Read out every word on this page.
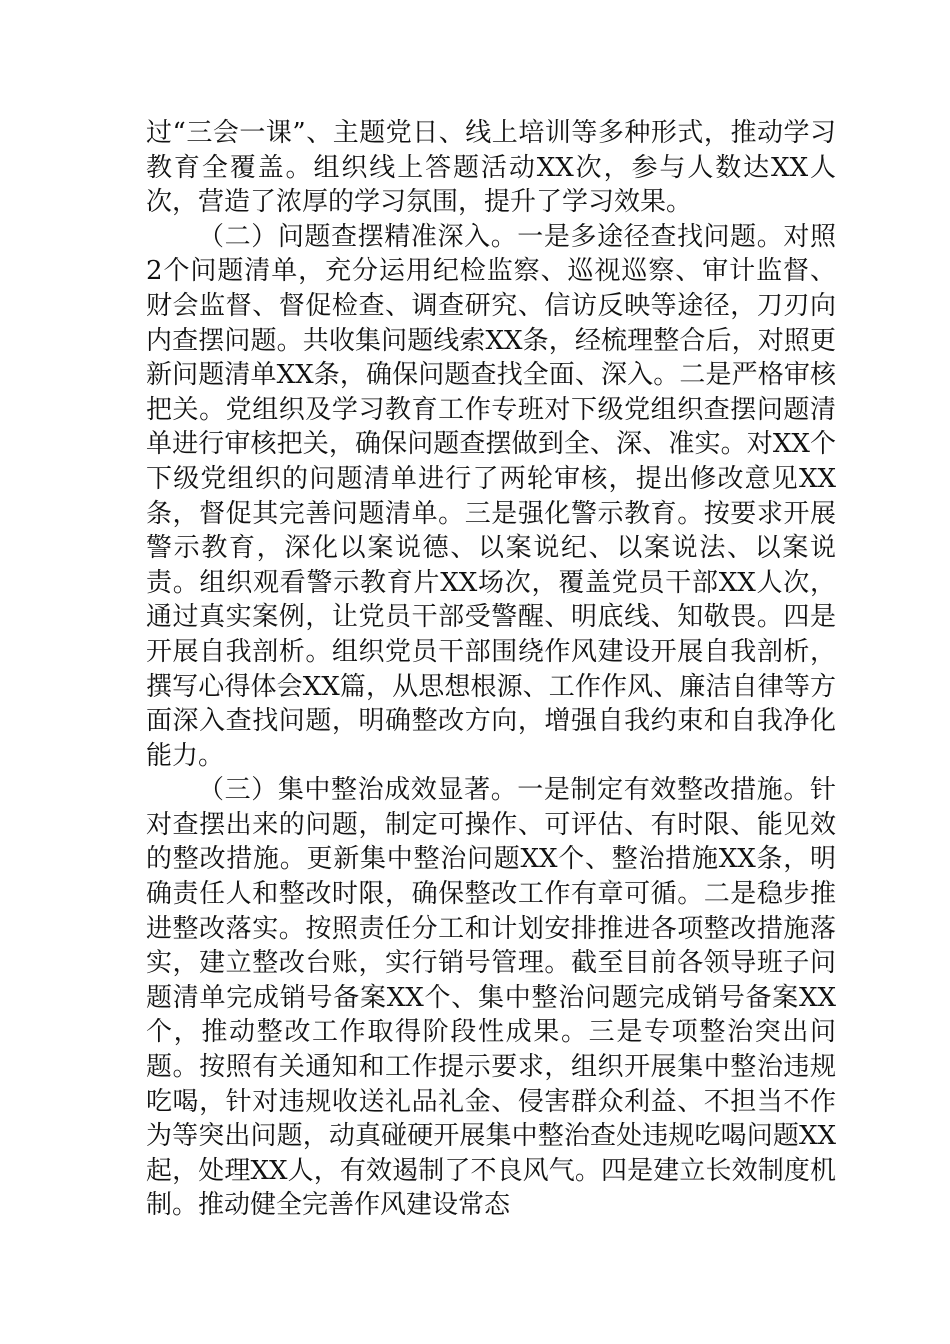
过“三会一课”、主题党日、线上培训等多种形式，推动学习教育全覆盖。组织线上答题活动XX次，参与人数达XX人次，营造了浓厚的学习氛围，提升了学习效果。

（二）问题查摆精准深入。一是多途径查找问题。对照2个问题清单，充分运用纪检监察、巡视巡察、审计监督、财会监督、督促检查、调查研究、信访反映等途径，刀刃向内查摆问题。共收集问题线索XX条，经梳理整合后，对照更新问题清单XX条，确保问题查找全面、深入。二是严格审核把关。党组织及学习教育工作专班对下级党组织查摆问题清单进行审核把关，确保问题查摆做到全、深、准实。对XX个下级党组织的问题清单进行了两轮审核，提出修改意见XX条，督促其完善问题清单。三是强化警示教育。按要求开展警示教育，深化以案说德、以案说纪、以案说法、以案说责。组织观看警示教育片XX场次，覆盖党员干部XX人次，通过真实案例，让党员干部受警醒、明底线、知敬畏。四是开展自我剖析。组织党员干部围绕作风建设开展自我剖析，撰写心得体会XX篇，从思想根源、工作作风、廉洁自律等方面深入查找问题，明确整改方向，增强自我约束和自我净化能力。

（三）集中整治成效显著。一是制定有效整改措施。针对查摆出来的问题，制定可操作、可评估、有时限、能见效的整改措施。更新集中整治问题XX个、整治措施XX条，明确责任人和整改时限，确保整改工作有章可循。二是稳步推进整改落实。按照责任分工和计划安排推进各项整改措施落实，建立整改台账，实行销号管理。截至目前各领导班子问题清单完成销号备案XX个、集中整治问题完成销号备案XX个，推动整改工作取得阶段性成果。三是专项整治突出问题。按照有关通知和工作提示要求，组织开展集中整治违规吃喝，针对违规收送礼品礼金、侵害群众利益、不担当不作为等突出问题，动真碰硬开展集中整治查处违规吃喝问题XX起，处理XX人，有效遏制了不良风气。四是建立长效制度机制。推动健全完善作风建设常态
